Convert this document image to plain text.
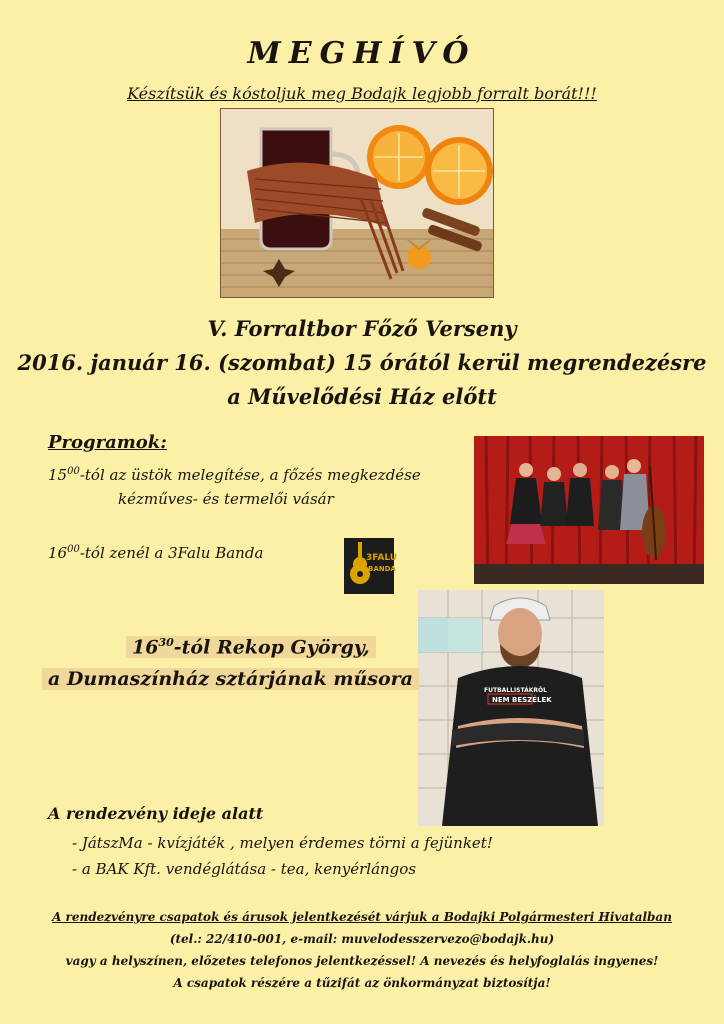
MEGHÍVÓ
Készítsük és kóstoljuk meg Bodajk legjobb forralt borát!!!
V. Forraltbor Főző Verseny
2016. január 16. (szombat) 15 órától kerül megrendezésre
a Művelődési Ház előtt
Programok:
$15^{00}$-tól az üstök melegítése, a főzés megkezdése
kézműves- és termelői vásár
$16^{00}$-tól zenél a 3Falu Banda	3FALU
BANDA
FUTBALLISTÁKRÓL
NEM BESZÉLEK
$16^{30}$-tól Rekop György,
a Dumaszínház sztárjának műsora
A rendezvény ideje alatt
- JátszMa - kvízjáték , melyen érdemes törni a fejünket!
- a BAK Kft. vendéglátása - tea, kenyérlángos
A rendezvényre csapatok és árusok jelentkezését várjuk a Bodajki Polgármesteri Hivatalban
(tel.: 22/410-001, e-mail: muvelodesszervezo@bodajk.hu)
vagy a helyszínen, előzetes telefonos jelentkezéssel! A nevezés és helyfoglalás ingyenes!
A csapatok részére a tűzifát az önkormányzat biztosítja!
